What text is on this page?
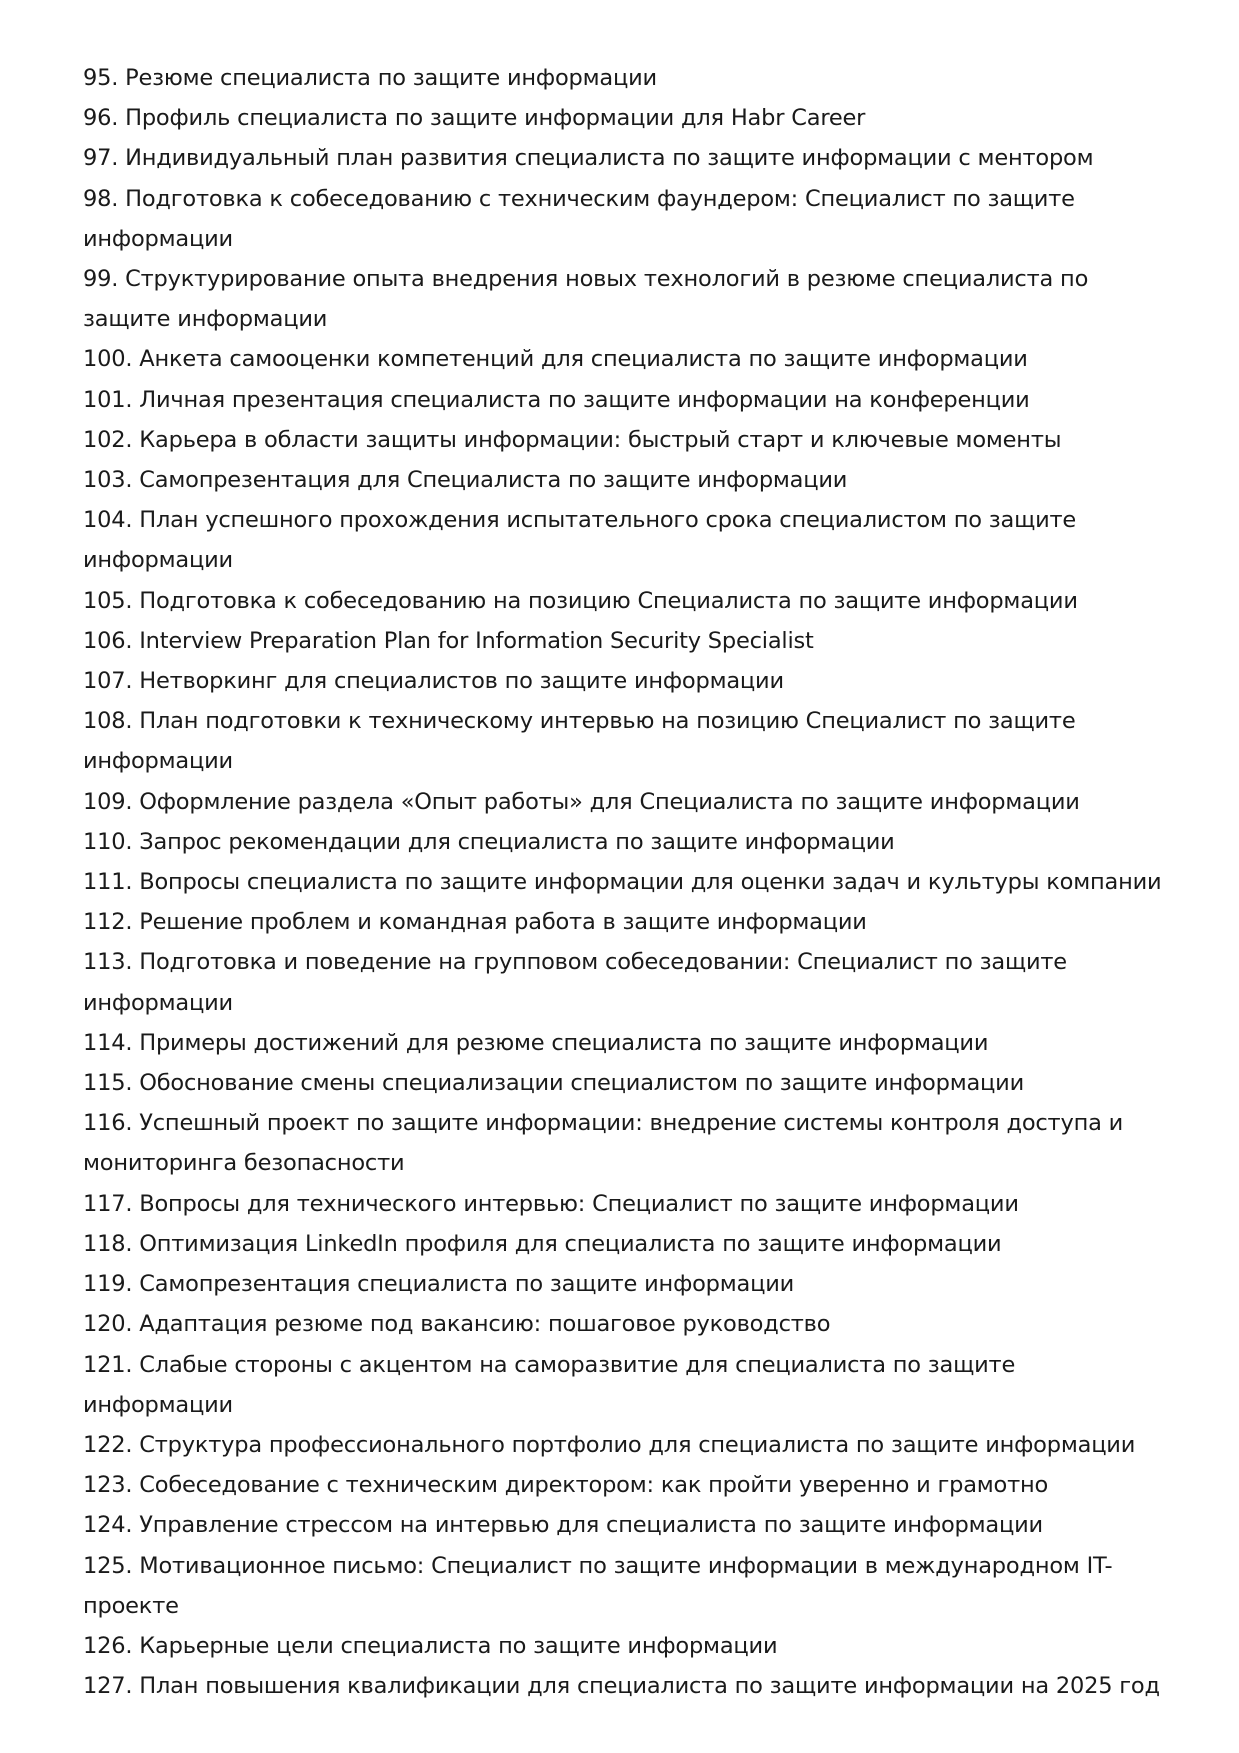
95. Резюме специалиста по защите информации
96. Профиль специалиста по защите информации для Habr Career
97. Индивидуальный план развития специалиста по защите информации с ментором
98. Подготовка к собеседованию с техническим фаундером: Специалист по защите информации
99. Структурирование опыта внедрения новых технологий в резюме специалиста по защите информации
100. Анкета самооценки компетенций для специалиста по защите информации
101. Личная презентация специалиста по защите информации на конференции
102. Карьера в области защиты информации: быстрый старт и ключевые моменты
103. Самопрезентация для Специалиста по защите информации
104. План успешного прохождения испытательного срока специалистом по защите информации
105. Подготовка к собеседованию на позицию Специалиста по защите информации
106. Interview Preparation Plan for Information Security Specialist
107. Нетворкинг для специалистов по защите информации
108. План подготовки к техническому интервью на позицию Специалист по защите информации
109. Оформление раздела «Опыт работы» для Специалиста по защите информации
110. Запрос рекомендации для специалиста по защите информации
111. Вопросы специалиста по защите информации для оценки задач и культуры компании
112. Решение проблем и командная работа в защите информации
113. Подготовка и поведение на групповом собеседовании: Специалист по защите информации
114. Примеры достижений для резюме специалиста по защите информации
115. Обоснование смены специализации специалистом по защите информации
116. Успешный проект по защите информации: внедрение системы контроля доступа и мониторинга безопасности
117. Вопросы для технического интервью: Специалист по защите информации
118. Оптимизация LinkedIn профиля для специалиста по защите информации
119. Самопрезентация специалиста по защите информации
120. Адаптация резюме под вакансию: пошаговое руководство
121. Слабые стороны с акцентом на саморазвитие для специалиста по защите информации
122. Структура профессионального портфолио для специалиста по защите информации
123. Собеседование с техническим директором: как пройти уверенно и грамотно
124. Управление стрессом на интервью для специалиста по защите информации
125. Мотивационное письмо: Специалист по защите информации в международном IT-проекте
126. Карьерные цели специалиста по защите информации
127. План повышения квалификации для специалиста по защите информации на 2025 год
